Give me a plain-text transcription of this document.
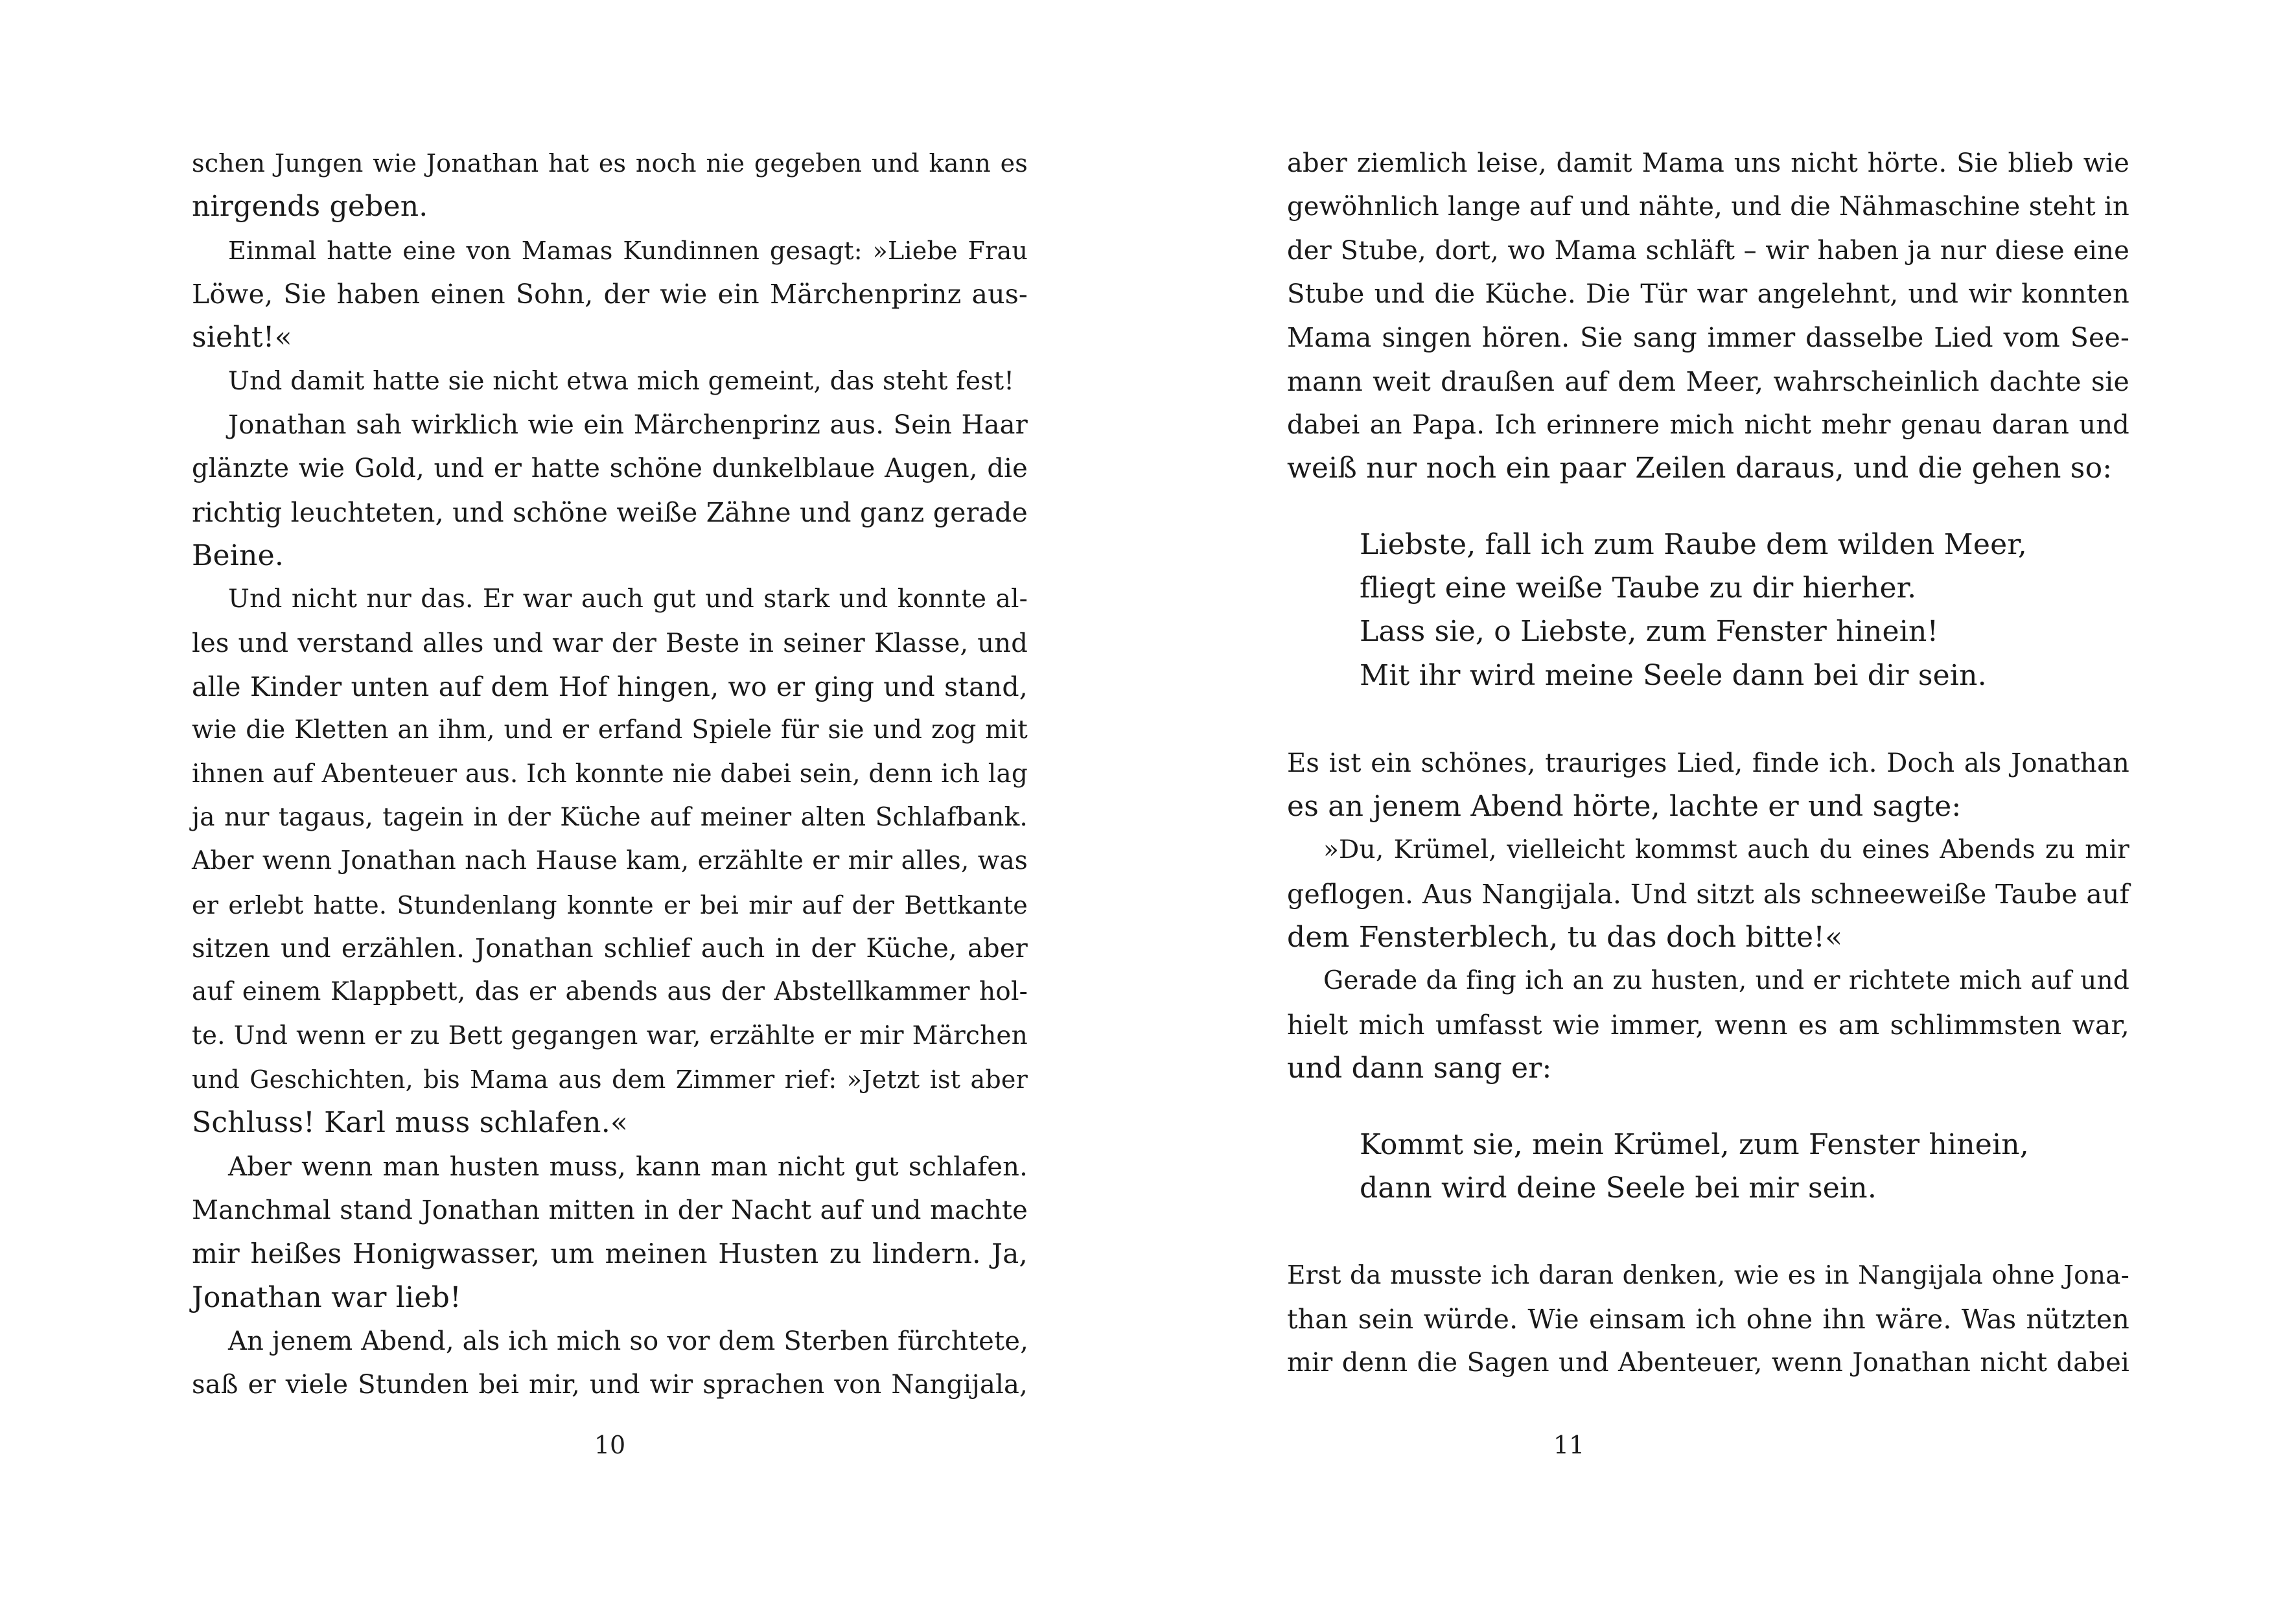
schen Jungen wie Jonathan hat es noch nie gegeben und kann es
nirgends geben.
Einmal hatte eine von Mamas Kundinnen gesagt: »Liebe Frau
Löwe, Sie haben einen Sohn, der wie ein Märchenprinz aus-
sieht!«
Und damit hatte sie nicht etwa mich gemeint, das steht fest!
Jonathan sah wirklich wie ein Märchenprinz aus. Sein Haar
glänzte wie Gold, und er hatte schöne dunkelblaue Augen, die
richtig leuchteten, und schöne weiße Zähne und ganz gerade
Beine.
Und nicht nur das. Er war auch gut und stark und konnte al-
les und verstand alles und war der Beste in seiner Klasse, und
alle Kinder unten auf dem Hof hingen, wo er ging und stand,
wie die Kletten an ihm, und er erfand Spiele für sie und zog mit
ihnen auf Abenteuer aus. Ich konnte nie dabei sein, denn ich lag
ja nur tagaus, tagein in der Küche auf meiner alten Schlafbank.
Aber wenn Jonathan nach Hause kam, erzählte er mir alles, was
er erlebt hatte. Stundenlang konnte er bei mir auf der Bettkante
sitzen und erzählen. Jonathan schlief auch in der Küche, aber
auf einem Klappbett, das er abends aus der Abstellkammer hol-
te. Und wenn er zu Bett gegangen war, erzählte er mir Märchen
und Geschichten, bis Mama aus dem Zimmer rief: »Jetzt ist aber
Schluss! Karl muss schlafen.«
Aber wenn man husten muss, kann man nicht gut schlafen.
Manchmal stand Jonathan mitten in der Nacht auf und machte
mir heißes Honigwasser, um meinen Husten zu lindern. Ja,
Jonathan war lieb!
An jenem Abend, als ich mich so vor dem Sterben fürchtete,
saß er viele Stunden bei mir, und wir sprachen von Nangijala,
10
aber ziemlich leise, damit Mama uns nicht hörte. Sie blieb wie
gewöhnlich lange auf und nähte, und die Nähmaschine steht in
der Stube, dort, wo Mama schläft – wir haben ja nur diese eine
Stube und die Küche. Die Tür war angelehnt, und wir konnten
Mama singen hören. Sie sang immer dasselbe Lied vom See-
mann weit draußen auf dem Meer, wahrscheinlich dachte sie
dabei an Papa. Ich erinnere mich nicht mehr genau daran und
weiß nur noch ein paar Zeilen daraus, und die gehen so:
Liebste, fall ich zum Raube dem wilden Meer,
fliegt eine weiße Taube zu dir hierher.
Lass sie, o Liebste, zum Fenster hinein!
Mit ihr wird meine Seele dann bei dir sein.
Es ist ein schönes, trauriges Lied, finde ich. Doch als Jonathan
es an jenem Abend hörte, lachte er und sagte:
»Du, Krümel, vielleicht kommst auch du eines Abends zu mir
geflogen. Aus Nangijala. Und sitzt als schneeweiße Taube auf
dem Fensterblech, tu das doch bitte!«
Gerade da fing ich an zu husten, und er richtete mich auf und
hielt mich umfasst wie immer, wenn es am schlimmsten war,
und dann sang er:
Kommt sie, mein Krümel, zum Fenster hinein,
dann wird deine Seele bei mir sein.
Erst da musste ich daran denken, wie es in Nangijala ohne Jona-
than sein würde. Wie einsam ich ohne ihn wäre. Was nützten
mir denn die Sagen und Abenteuer, wenn Jonathan nicht dabei
11
